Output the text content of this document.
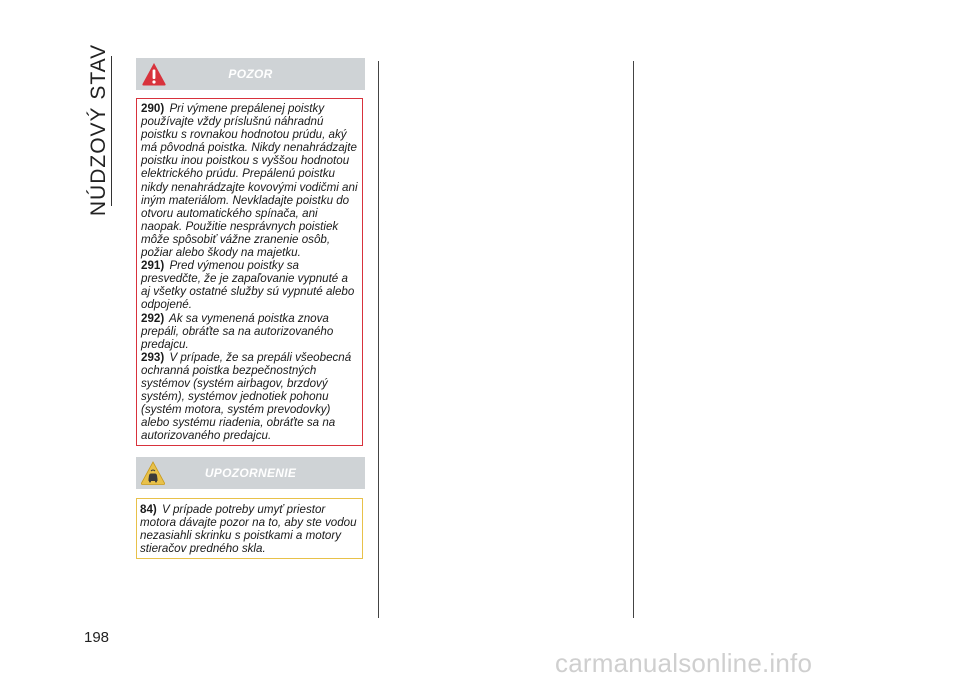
NÚDZOVÝ STAV	POZOR
290) Pri výmene prepálenej poistky používajte vždy príslušnú náhradnú poistku s rovnakou hodnotou prúdu, aký má pôvodná poistka. Nikdy nenahrádzajte poistku inou poistkou s vyššou hodnotou elektrického prúdu. Prepálenú poistku nikdy nenahrádzajte kovovými vodičmi ani iným materiálom. Nevkladajte poistku do otvoru automatického spínača, ani naopak. Použitie nesprávnych poistiek môže spôsobiť vážne zranenie osôb, požiar alebo škody na majetku.
291) Pred výmenou poistky sa presvedčte, že je zapaľovanie vypnuté a aj všetky ostatné služby sú vypnuté alebo odpojené.
292) Ak sa vymenená poistka znova prepáli, obráťte sa na autorizovaného predajcu.
293) V prípade, že sa prepáli všeobecná ochranná poistka bezpečnostných systémov (systém airbagov, brzdový systém), systémov jednotiek pohonu (systém motora, systém prevodovky) alebo systému riadenia, obráťte sa na autorizovaného predajcu.
UPOZORNENIE
84) V prípade potreby umyť priestor motora dávajte pozor na to, aby ste vodou nezasiahli skrinku s poistkami a motory stieračov predného skla.
198
carmanualsonline.info
